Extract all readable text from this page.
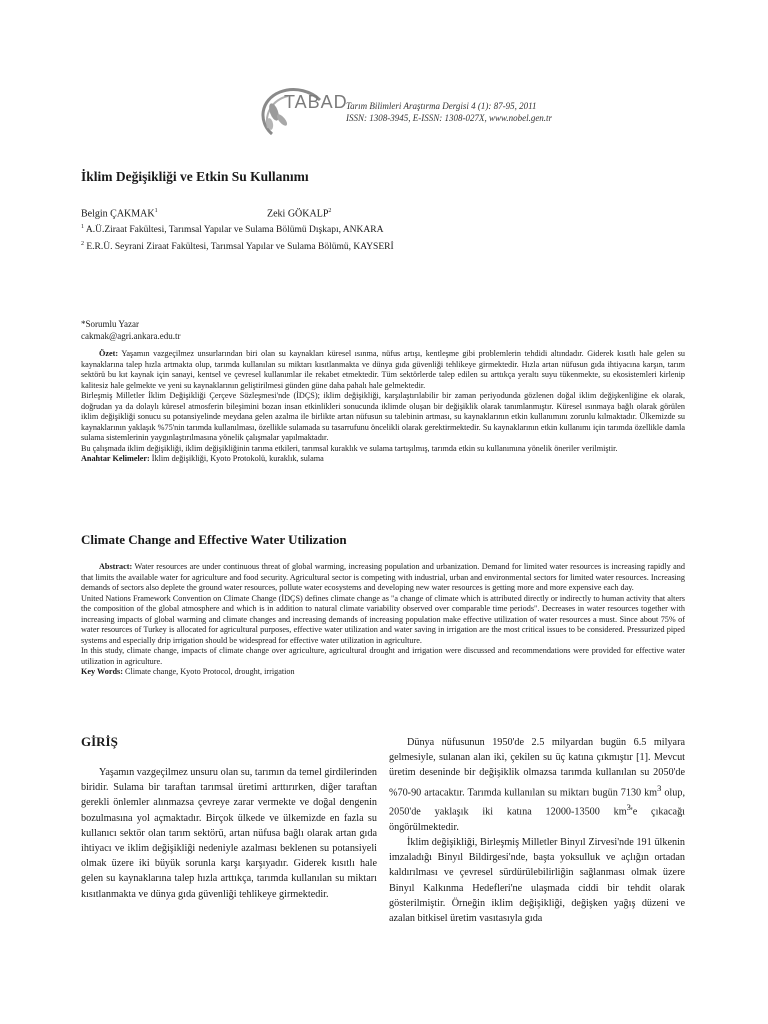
TABAD
Tarım Bilimleri Araştırma Dergisi 4 (1): 87-95, 2011
ISSN: 1308-3945, E-ISSN: 1308-027X, www.nobel.gen.tr
İklim Değişikliği ve Etkin Su Kullanımı
Belgin ÇAKMAK$^1$	Zeki GÖKALP$^2$
$^1$ A.Ü.Ziraat Fakültesi, Tarımsal Yapılar ve Sulama Bölümü Dışkapı, ANKARA
$^2$ E.R.Ü. Seyrani Ziraat Fakültesi, Tarımsal Yapılar ve Sulama Bölümü, KAYSERİ
*Sorumlu Yazar
cakmak@agri.ankara.edu.tr

Özet: Yaşamın vazgeçilmez unsurlarından biri olan su kaynakları küresel ısınma, nüfus artışı, kentleşme gibi problemlerin tehdidi altındadır. Giderek kısıtlı hale gelen su kaynaklarına talep hızla artmakta olup, tarımda kullanılan su miktarı kısıtlanmakta ve dünya gıda güvenliği tehlikeye girmektedir. Hızla artan nüfusun gıda ihtiyacına karşın, tarım sektörü bu kıt kaynak için sanayi, kentsel ve çevresel kullanımlar ile rekabet etmektedir. Tüm sektörlerde talep edilen su arttıkça yeraltı suyu tükenmekte, su ekosistemleri kirlenip kalitesiz hale gelmekte ve yeni su kaynaklarının geliştirilmesi günden güne daha pahalı hale gelmektedir.

Birleşmiş Milletler İklim Değişikliği Çerçeve Sözleşmesi'nde (İDÇS); iklim değişikliği, karşılaştırılabilir bir zaman periyodunda gözlenen doğal iklim değişkenliğine ek olarak, doğrudan ya da dolaylı küresel atmosferin bileşimini bozan insan etkinlikleri sonucunda iklimde oluşan bir değişiklik olarak tanımlanmıştır. Küresel ısınmaya bağlı olarak görülen iklim değişikliği sonucu su potansiyelinde meydana gelen azalma ile birlikte artan nüfusun su talebinin artması, su kaynaklarının etkin kullanımını zorunlu kılmaktadır. Ülkemizde su kaynaklarının yaklaşık %75'nin tarımda kullanılması, özellikle sulamada su tasarrufunu öncelikli olarak gerektirmektedir. Su kaynaklarının etkin kullanımı için tarımda özellikle damla sulama sistemlerinin yaygınlaştırılmasına yönelik çalışmalar yapılmaktadır.

Bu çalışmada iklim değişikliği, iklim değişikliğinin tarıma etkileri, tarımsal kuraklık ve sulama tartışılmış, tarımda etkin su kullanımına yönelik öneriler verilmiştir.

Anahtar Kelimeler: İklim değişikliği, Kyoto Protokolü, kuraklık, sulama

Climate Change and Effective Water Utilization

Abstract: Water resources are under continuous threat of global warming, increasing population and urbanization. Demand for limited water resources is increasing rapidly and that limits the available water for agriculture and food security. Agricultural sector is competing with industrial, urban and environmental sectors for limited water resources. Increasing demands of sectors also deplete the ground water resources, pollute water ecosystems and developing new water resources is getting more and more expensive each day.

United Nations Framework Convention on Climate Change (İDÇS) defines climate change as "a change of climate which is attributed directly or indirectly to human activity that alters the composition of the global atmosphere and which is in addition to natural climate variability observed over comparable time periods". Decreases in water resources together with increasing impacts of global warming and climate changes and increasing demands of increasing population make effective utilization of water resources a must. Since about 75% of water resources of Turkey is allocated for agricultural purposes, effective water utilization and water saving in irrigation are the most critical issues to be considered. Pressurized piped systems and especially drip irrigation should be widespread for effective water utilization in agriculture.

In this study, climate change, impacts of climate change over agriculture, agricultural drought and irrigation were discussed and recommendations were provided for effective water utilization in agriculture.

Key Words: Climate change, Kyoto Protocol, drought, irrigation

GİRİŞ

Yaşamın vazgeçilmez unsuru olan su, tarımın da temel girdilerinden biridir. Sulama bir taraftan tarımsal üretimi arttırırken, diğer taraftan gerekli önlemler alınmazsa çevreye zarar vermekte ve doğal dengenin bozulmasına yol açmaktadır. Birçok ülkede ve ülkemizde en fazla su kullanıcı sektör olan tarım sektörü, artan nüfusa bağlı olarak artan gıda ihtiyacı ve iklim değişikliği nedeniyle azalması beklenen su potansiyeli olmak üzere iki büyük sorunla karşı karşıyadır. Giderek kısıtlı hale gelen su kaynaklarına talep hızla arttıkça, tarımda kullanılan su miktarı kısıtlanmakta ve dünya gıda güvenliği tehlikeye girmektedir.

Dünya nüfusunun 1950'de 2.5 milyardan bugün 6.5 milyara gelmesiyle, sulanan alan iki, çekilen su üç katına çıkmıştır [1]. Mevcut üretim deseninde bir değişiklik olmazsa tarımda kullanılan su 2050'de %70-90 artacaktır. Tarımda kullanılan su miktarı bugün 7130 $km^3$ olup, 2050'de yaklaşık iki katına 12000-13500 $km^3'e$ çıkacağı öngörülmektedir.

İklim değişikliği, Birleşmiş Milletler Binyıl Zirvesi'nde 191 ülkenin imzaladığı Binyıl Bildirgesi'nde, başta yoksulluk ve açlığın ortadan kaldırılması ve çevresel sürdürülebilirliğin sağlanması olmak üzere Binyıl Kalkınma Hedefleri'ne ulaşmada ciddi bir tehdit olarak gösterilmiştir. Örneğin iklim değişikliği, değişken yağış düzeni ve azalan bitkisel üretim vasıtasıyla gıda
